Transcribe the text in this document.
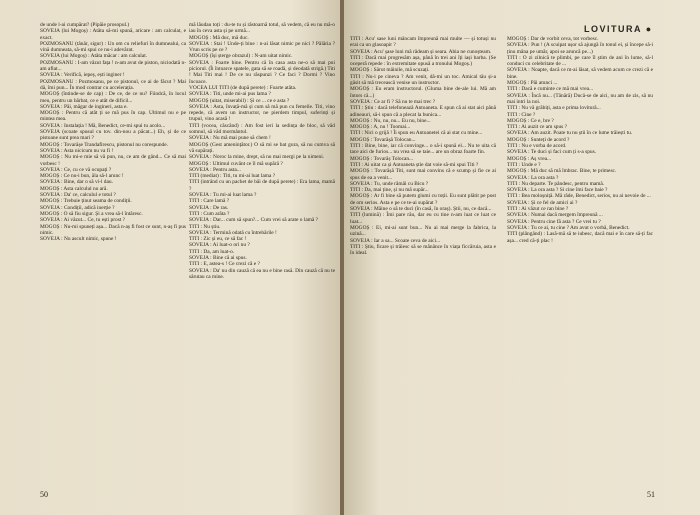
de unde l-ai cumpărat? (Pipăie prosopul.)

SOVEJA (lui Mogoș) : Atâta să-mi spună, aricare : am calculat, e exact.

POZMOSANU (tânăr, sigur) : Un om cu reliefuri în dumnealui, ca vină dumneata, să-mi spui ce nu-i adevărat.

SOVEJA (lui Mogoș) : Atâta măcar : am calculat.

POZMOSANU : I-am văzut fața ! n-am avut de piston, niciodată n-am aflat...

SOVEJA : Verifică, iepeș, ești inginer !

POZMOSANU : Pozmosanu, pe ce pistonul, ce ai de făcut ? Mai dă, îmi pun... În mod contrar cu accelerația.

MOGOȘ (întinde-se de cap) : De ce, de ce nu? Fiindcă, în locul meu, pentru un bărbat, ce e atât de dificil...

SOVEJA : Păi, măgar de ingineri, asta e.

MOGOȘ : Pentru că atât ți se mă pus în cap. Ultimul nu e pe mintea mea.

SOVEJA : Instalația ! Mă, Benedict, ce-mi spui tu acolo...

SOVEJA (scoate spusul cu tov. din-nou a păcat...) Eh, și de ce pistoane sunt prea mari ?

MOGOȘ : Tovarășe Trandafirescu, pistonul nu corespunde.

SOVEJA : Asta nicicum nu va fi !

MOGOȘ : Nu mi-e mie să vă pun, nu, ce am de gând... Ce să mai vorbesc !

SOVEJA : Ce, cu ce vă ocupați ?

MOGOȘ : Ce nu-i bun, ăla să-l arunc !

SOVEJA : Bine, dar o să vi-l dau.

MOGOȘ : Asta calculul nu ară.

SOVEJA : Da' ce, calculul e totul ?

MOGOȘ : Trebuie ținut seama de condiții.

SOVEJA : Condiții, adică inerție ?

MOGOȘ : O să fiu sigur. Și a vrea să-l întăresc.

SOVEJA : Ai văzut... Ce, tu ești prost ?

MOGOȘ : Nu-mi spuneți așa... Dacă n-aș fi fost ce sunt, n-aș fi pus nimic.

SOVEJA : Nu ascult nimic, spune !

mă lăudau toți : du-te tu și răstoarnă totul, să vedem, că eu nu mă-o iau în ceva asta și pe urmă...

MOGOȘ : Mă duc, mă duc.

SOVEJA : Stai ! Unde-ți bine : n-ai lăsat nimic pe nici ? Pălăria ? Vrun scris pe ce ?

MOGOȘ (își șterge obrazul) : N-am uitat nimic.

SOVEJA : Foarte bine. Pentru că în casa asta ne-o să mai pui piciorul. (Îi întoarce spatele, gata să se roadă, și deodată strigă.) Titi ! Mai Titi mai ! De ce nu răspunzi ? Ce faci ? Dormi ? Vino încoace.

VOCEA LUI TITI (de după perete) : Foarte atâta.

SOVEJA : Titi, unde mi-ai pus lama ?

MOGOȘ (uitat, miserabil) : Și ce ... ce e asta ?

SOVEJA : Asta, învață-mă și cum să mă pun cu femeile. Titi, vino repede, că avem un instructor, ne pierdem timpul, suferinți și trupul, vino acasă !

TITI (vocea, căscând) : Am fost ieri la sedința de bloc, să văd somnul, să văd mormântul.

SOVEJA : Nu mă mai pune să chem !

MOGOȘ (Gest amenințător.) O să mi se bat gura, să nu cumva să vă supărați.

SOVEJA : Noroc la mine, drept, să nu mai mergi pe la nimeni.

MOGOȘ : Ultimul cuvânt ce îl mă supără ?

SOVEJA : Pentru asta...

TITI (mediat) : Titi, tu mi-ai luat lama ?

TITI (intrând cu un pachet de băi de după perete) : Era lama, mamă ?

SOVEJA : Tu mi-ai luat lama ?

TITI : Care lamă ?

SOVEJA : De ras.

TITI : Cum arăta ?

SOVEJA : Dar... cum să spun?... Cum vrei să arate o lamă ?

TITI : Nu știu.

SOVEJA : Termină odată cu întrebările !

TITI : Zic și eu, ce să fac !

SOVEJA : Ai luat-o ori nu ?

TITI : Da, am luat-o.

SOVEJA : Bine că ai spus.

TITI : E, astea-s ! Ce crezi că e ?

SOVEJA : Da' nu din cauză că ea nu e bine rasă. Din cauză că nu te sărutau ca mine.

50
LOVITURA ●

TITI : Acu' sase luni mâncam împreună mai multe — și totuși nu erai ca un glasoapir ?

SOVEJA : Acu' șase luni mă râdeam și seara. Abia ne cunoșteam.

TITI : Dacă mai progresăm așa, până în trei ani îți iași barba. (Se oceperă repede : în extremitate opusă a tronului Mogoș.)

MOGOȘ : Sărut mâinile, mă scuzați.

TITI : Nu-i pe cineva ? Am venit, dă-mi un toc. Amical tău și-a găsit să mă trecească venise un instructor.

MOGOȘ : Eu eram instructorul. (Gluma bine de-ale lui. Mă am întors că...)

SOVEJA : Ce ar fi ? Să nu te mai trec ?

TITI : Știu : dacă telefonează Antoaneta. E spun că ai stat aici până adineauri, să-i spun că a plecat la bunica...

MOGOȘ : Nu, nu, nu... Eu nu, bine...

MOGOȘ : A, nu ! Toomai...

TITI : Nici o grijă ! Îi spun eu Antoanetei că ai stat cu mine...

MOGOȘ : Tovarășă Tolocan...

TITI : Bine, bine, iar că convinge... o să-i spună el... Nu te uita că tace aici de furios... nu vrea să se taie... are un obraz foarte fin.

MOGOȘ : Tovarăș Tolocan...

TITI : Ai uitat ca și Antoaneta știe dat voie să-mi spui Titi ?

MOGOȘ : Tovarășă Titi, sunt mai convins că e scump și fie ce ai spus de ea a venit...

SOVEJA : Tu, unde rămâi cu Bicu ?

TITI : Da, mai ține, și nu mă supăr...

MOGOȘ : Ar fi bine să putem glumi cu toții. Eu sunt plătit pe post de om serios. Asta e pe ce te-ai supărat ?

SOVEJA : Mâine o să te duci (în casă, în oraș). Știi, nu, ce dacă...

TITI (lumină) : Îmi pare rău, dar eu cu tine n-am luat ce luat ce luat...

MOGOȘ : Ei, mi-ai sunt bun... Nu ai mai merge la fabrica, la uzină...

SOVEJA : Iar a sa... Scoate ceva de aici...

TITI : Știu, ficare și trăiesc să se mănânce în viața ficcăruia, asta e în ideal.

MOGOȘ : Dar de vorbit ceva, tot vorbesc.

SOVEJA : Pun ! (A scuipat ușor să ajungă în tonul ei, și începe să-i ținu mâna pe umăr, apoi se aruncă pe...)

TITI : O zi zilnică te plimbi, pe care îl știm de ani în lume, să-l conduci cu celebritate de ...

SOVEJA : Noapte, dacă ce m-ai lăsat, să vedem acum ce crezi că e bine.

MOGOȘ : Păi atunci ...

TITI : Dacă e cuminte ce mă mai vrea...

SOVEJA : Încă nu... (Tânără) Ducă-se de aici, nu am de zis, să nu mai intri la noi.

TITI : Nu vă grăbiți, asta e prima lovitură...

TITI : Cine ?

MOGOȘ : Ce e, bre ?

TITI : Ai auzit ce am spus ?

SOVEJA : Am auzit. Poate tu nu știi în ce lume trăiești tu.

MOGOȘ : Sunteți de acord ?

TITI : Nu e vorba de acord.

SOVEJA : Te duci și faci cum ți s-a spus.

MOGOȘ : Aș vrea...

TITI : Unde e ?

MOGOȘ : Mă duc să mă îmbrac. Bine, te primesc.

SOVEJA : La ora asta ?

TITI : Nu departe. Te pândesc, pentru mamă.

SOVEJA : La ora asta ? Si cine îmi face baie ?

TITI : Bea moloșniță. Mă râde, Benedict, serios, nu ai nevoie de ...

SOVEJA : Și ce fel de amici ai ?

TITI : Ai văzut ce ran bine ?

SOVEJA : Numai dacă mergem împreună ...

SOVEJA : Pentru cine fă asta ? Ce vrei tu ?

SOVEJA : Tu ce ai, tu cine ? Am avut o vorbă, Benedict.

TITI (plângând) : Lasă-mă să te iubesc, dacă mai e în care să-ți fac așa... cred că-ți plac !

51
